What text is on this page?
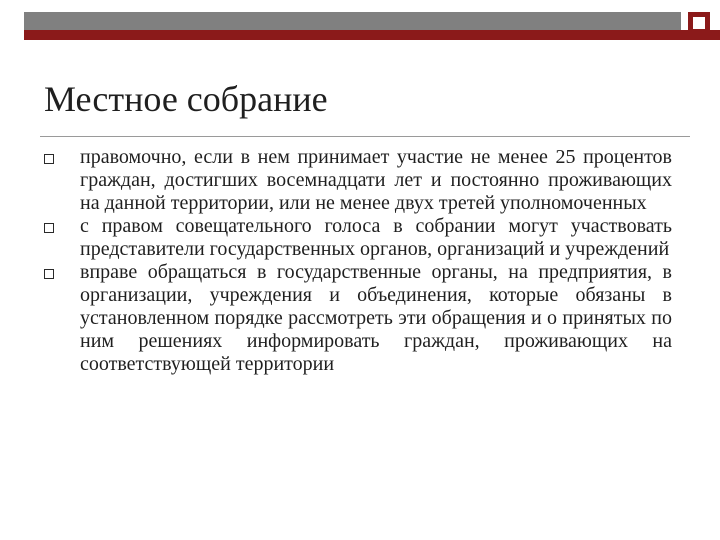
Местное собрание
правомочно, если в нем принимает участие не менее 25 процентов граждан, достигших восемнадцати лет и постоянно проживающих на данной территории, или не менее двух третей уполномоченных
с правом совещательного голоса в собрании могут участвовать представители государственных органов, организаций и учреждений
вправе обращаться в государственные органы, на предприятия, в организации, учреждения и объединения, которые обязаны в установленном порядке рассмотреть эти обращения и о принятых по ним решениях информировать граждан, проживающих на соответствующей территории
